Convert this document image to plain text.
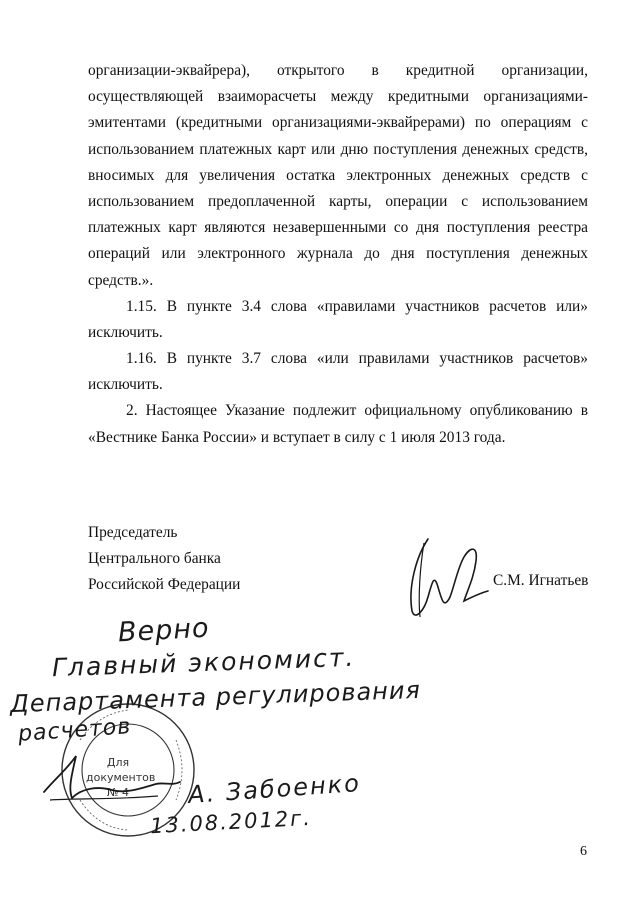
организации-эквайрера), открытого в кредитной организации,
осуществляющей взаиморасчеты между кредитными организациями-
эмитентами (кредитными организациями-эквайрерами) по операциям с
использованием платежных карт или дню поступления денежных средств,
вносимых для увеличения остатка электронных денежных средств с
использованием предоплаченной карты, операции с использованием
платежных карт являются незавершенными со дня поступления реестра
операций или электронного журнала до дня поступления денежных
средств.».
1.15. В пункте 3.4 слова «правилами участников расчетов или»
исключить.
1.16. В пункте 3.7 слова «или правилами участников расчетов»
исключить.
2. Настоящее Указание подлежит официальному опубликованию в
«Вестнике Банка России» и вступает в силу с 1 июля 2013 года.
Председатель
Центрального банка
Российской Федерации	С.М. Игнатьев
Для
документов
№ 4
Верно
Главный экономист.
Департамента регулирования
расчетов
А. Забоенко
13.08.2012г.
6
